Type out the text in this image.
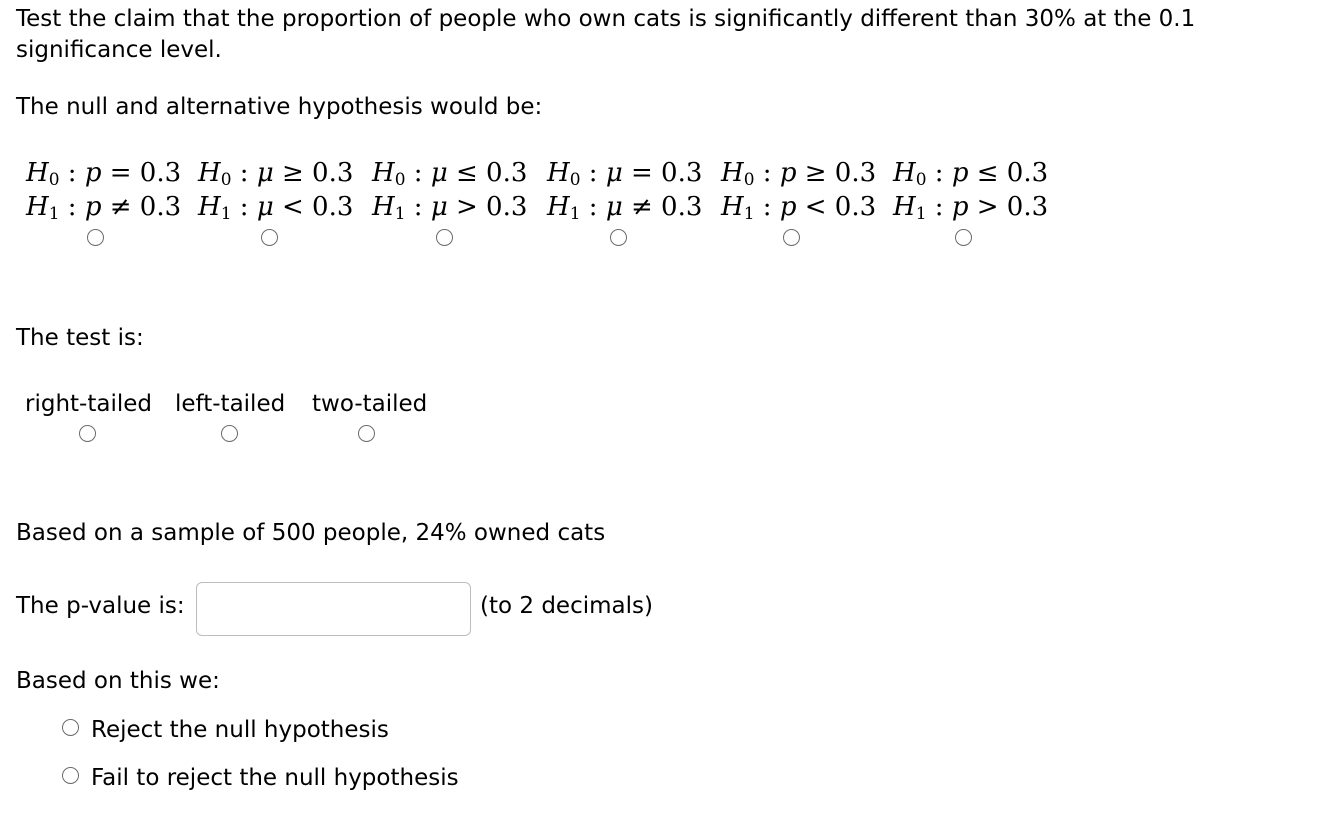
Test the claim that the proportion of people who own cats is significantly different than 30% at the 0.1 significance level.

The null and alternative hypothesis would be:
$H_0$ : p = 0.3
$H_1$ : p ≠ 0.3
$H_0$ : μ ≥ 0.3
$H_1$ : μ < 0.3
$H_0$ : μ ≤ 0.3
$H_1$ : μ > 0.3
$H_0$ : μ = 0.3
$H_1$ : μ ≠ 0.3
$H_0$ : p ≥ 0.3
$H_1$ : p < 0.3
$H_0$ : p ≤ 0.3
$H_1$ : p > 0.3
The test is:
right-tailed left-tailed two-tailed
Based on a sample of 500 people, 24% owned cats
The p-value is:	(to 2 decimals)
Based on this we:
Reject the null hypothesis
Fail to reject the null hypothesis
